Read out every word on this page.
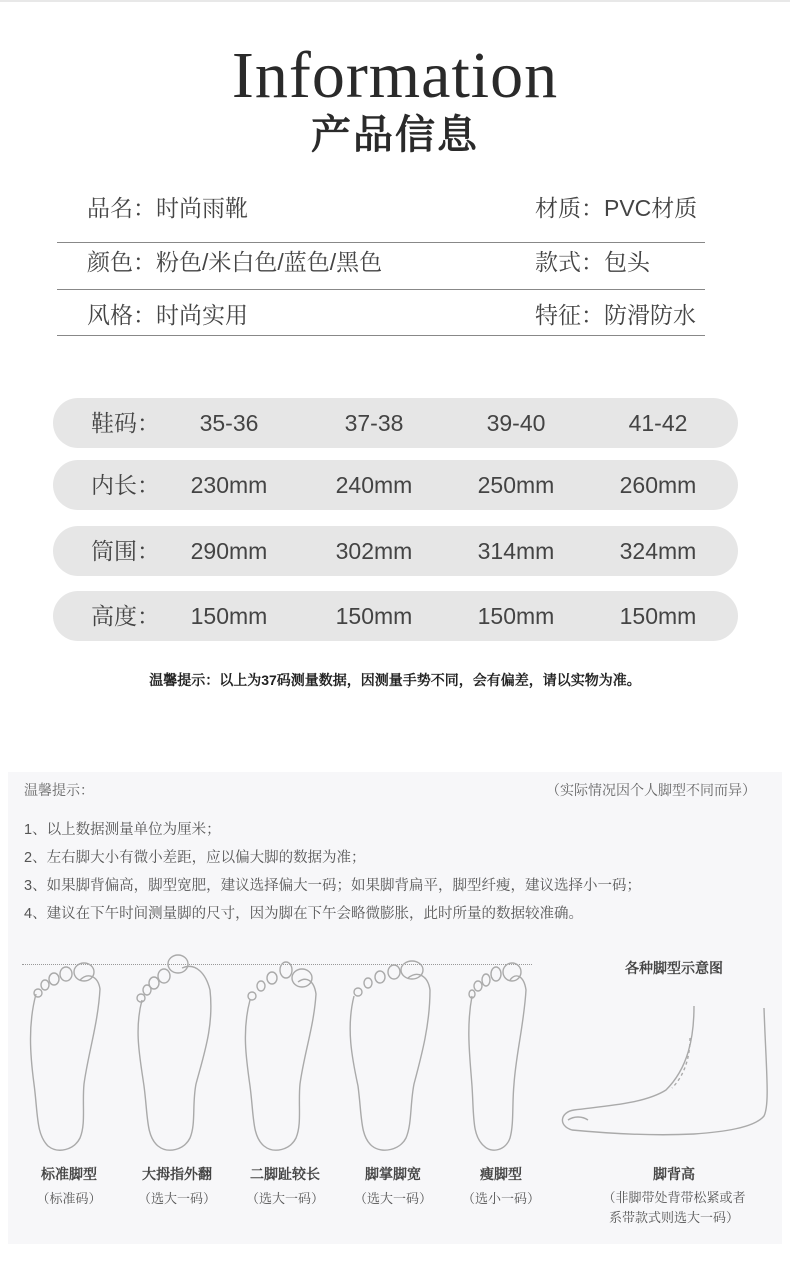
Information
产品信息
品名：时尚雨靴	材质：PVC材质
颜色：粉色/米白色/蓝色/黑色	款式：包头
风格：时尚实用	特征：防滑防水
鞋码：	35-36	37-38	39-40	41-42
内长：	230mm	240mm	250mm	260mm
筒围：	290mm	302mm	314mm	324mm
高度：	150mm	150mm	150mm	150mm
温馨提示：以上为37码测量数据，因测量手势不同，会有偏差，请以实物为准。
温馨提示：	（实际情况因个人脚型不同而异）
1、以上数据测量单位为厘米；
2、左右脚大小有微小差距，应以偏大脚的数据为准；
3、如果脚背偏高，脚型宽肥，建议选择偏大一码；如果脚背扁平，脚型纤瘦，建议选择小一码；
4、建议在下午时间测量脚的尺寸，因为脚在下午会略微膨胀，此时所量的数据较准确。
各种脚型示意图
标准脚型
（标准码）
大拇指外翻
（选大一码）
二脚趾较长
（选大一码）
脚掌脚宽
（选大一码）
瘦脚型
（选小一码）
脚背高
（非脚带处背带松紧或者
系带款式则选大一码）
